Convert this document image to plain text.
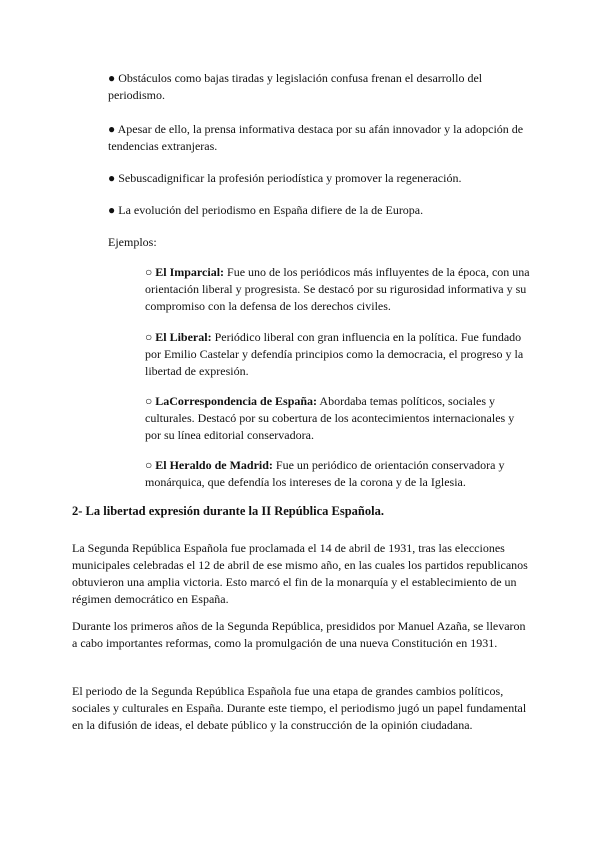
● Obstáculos como bajas tiradas y legislación confusa frenan el desarrollo del periodismo.

● Apesar de ello, la prensa informativa destaca por su afán innovador y la adopción de tendencias extranjeras.

● Sebuscadignificar la profesión periodística y promover la regeneración.

● La evolución del periodismo en España difiere de la de Europa.

Ejemplos:

○ El Imparcial: Fue uno de los periódicos más influyentes de la época, con una orientación liberal y progresista. Se destacó por su rigurosidad informativa y su compromiso con la defensa de los derechos civiles.

○ El Liberal: Periódico liberal con gran influencia en la política. Fue fundado por Emilio Castelar y defendía principios como la democracia, el progreso y la libertad de expresión.

○ LaCorrespondencia de España: Abordaba temas políticos, sociales y culturales. Destacó por su cobertura de los acontecimientos internacionales y por su línea editorial conservadora.

○ El Heraldo de Madrid: Fue un periódico de orientación conservadora y monárquica, que defendía los intereses de la corona y de la Iglesia.

2- La libertad expresión durante la II República Española.

La Segunda República Española fue proclamada el 14 de abril de 1931, tras las elecciones municipales celebradas el 12 de abril de ese mismo año, en las cuales los partidos republicanos obtuvieron una amplia victoria. Esto marcó el fin de la monarquía y el establecimiento de un régimen democrático en España.

Durante los primeros años de la Segunda República, presididos por Manuel Azaña, se llevaron a cabo importantes reformas, como la promulgación de una nueva Constitución en 1931.

El periodo de la Segunda República Española fue una etapa de grandes cambios políticos, sociales y culturales en España. Durante este tiempo, el periodismo jugó un papel fundamental en la difusión de ideas, el debate público y la construcción de la opinión ciudadana.
